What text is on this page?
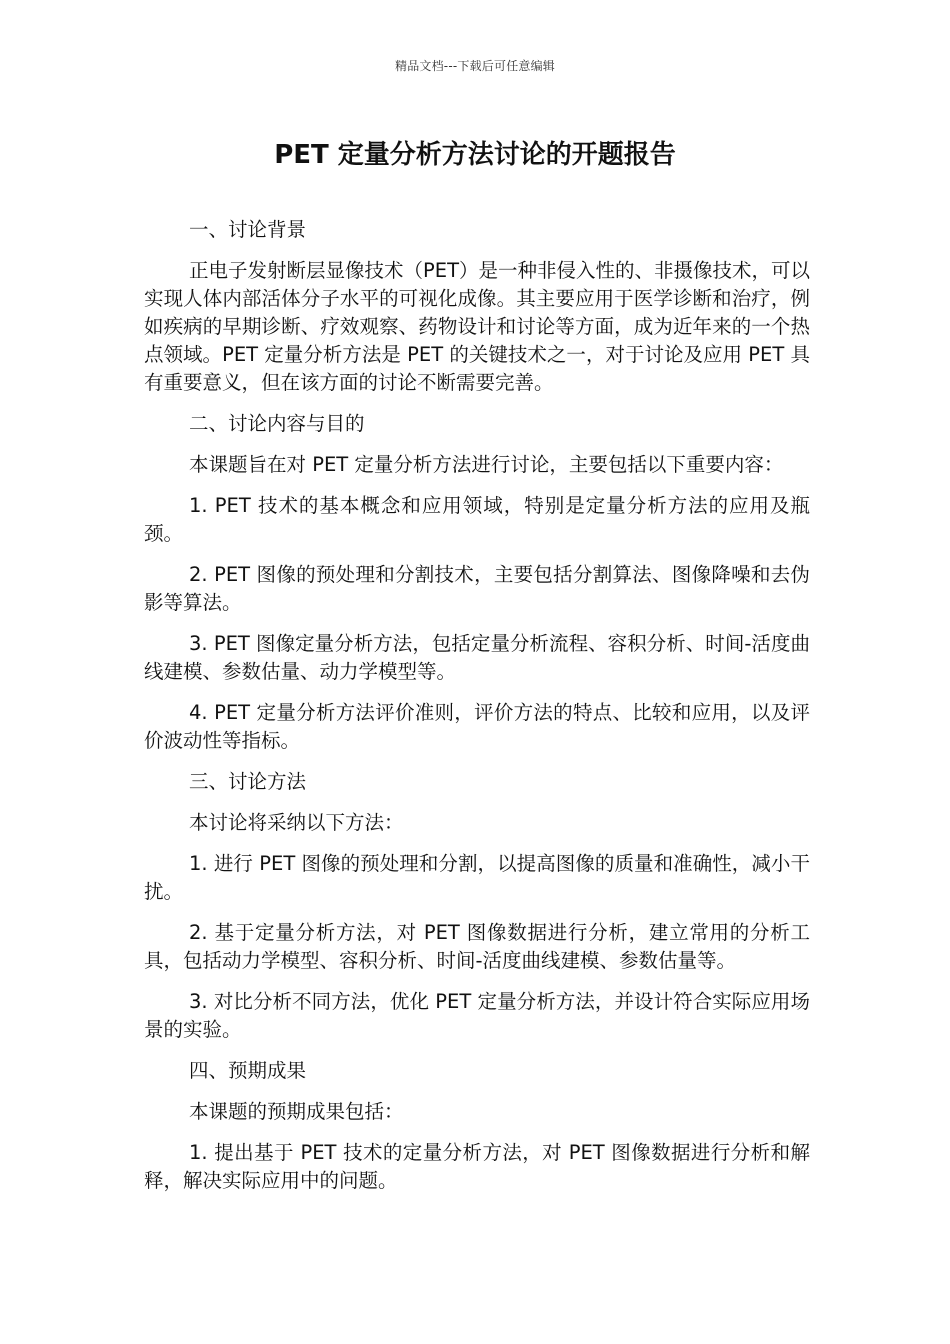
精品文档---下载后可任意编辑
PET 定量分析方法讨论的开题报告

一、讨论背景

正电子发射断层显像技术（PET）是一种非侵入性的、非摄像技术，可以实现人体内部活体分子水平的可视化成像。其主要应用于医学诊断和治疗，例如疾病的早期诊断、疗效观察、药物设计和讨论等方面，成为近年来的一个热点领域。PET 定量分析方法是 PET 的关键技术之一，对于讨论及应用 PET 具有重要意义，但在该方面的讨论不断需要完善。

二、讨论内容与目的

本课题旨在对 PET 定量分析方法进行讨论，主要包括以下重要内容：

1. PET 技术的基本概念和应用领域，特别是定量分析方法的应用及瓶颈。

2. PET 图像的预处理和分割技术，主要包括分割算法、图像降噪和去伪影等算法。

3. PET 图像定量分析方法，包括定量分析流程、容积分析、时间-活度曲线建模、参数估量、动力学模型等。

4. PET 定量分析方法评价准则，评价方法的特点、比较和应用，以及评价波动性等指标。

三、讨论方法

本讨论将采纳以下方法：

1. 进行 PET 图像的预处理和分割，以提高图像的质量和准确性，减小干扰。

2. 基于定量分析方法，对 PET 图像数据进行分析，建立常用的分析工具，包括动力学模型、容积分析、时间-活度曲线建模、参数估量等。

3. 对比分析不同方法，优化 PET 定量分析方法，并设计符合实际应用场景的实验。

四、预期成果

本课题的预期成果包括：

1. 提出基于 PET 技术的定量分析方法，对 PET 图像数据进行分析和解释，解决实际应用中的问题。
